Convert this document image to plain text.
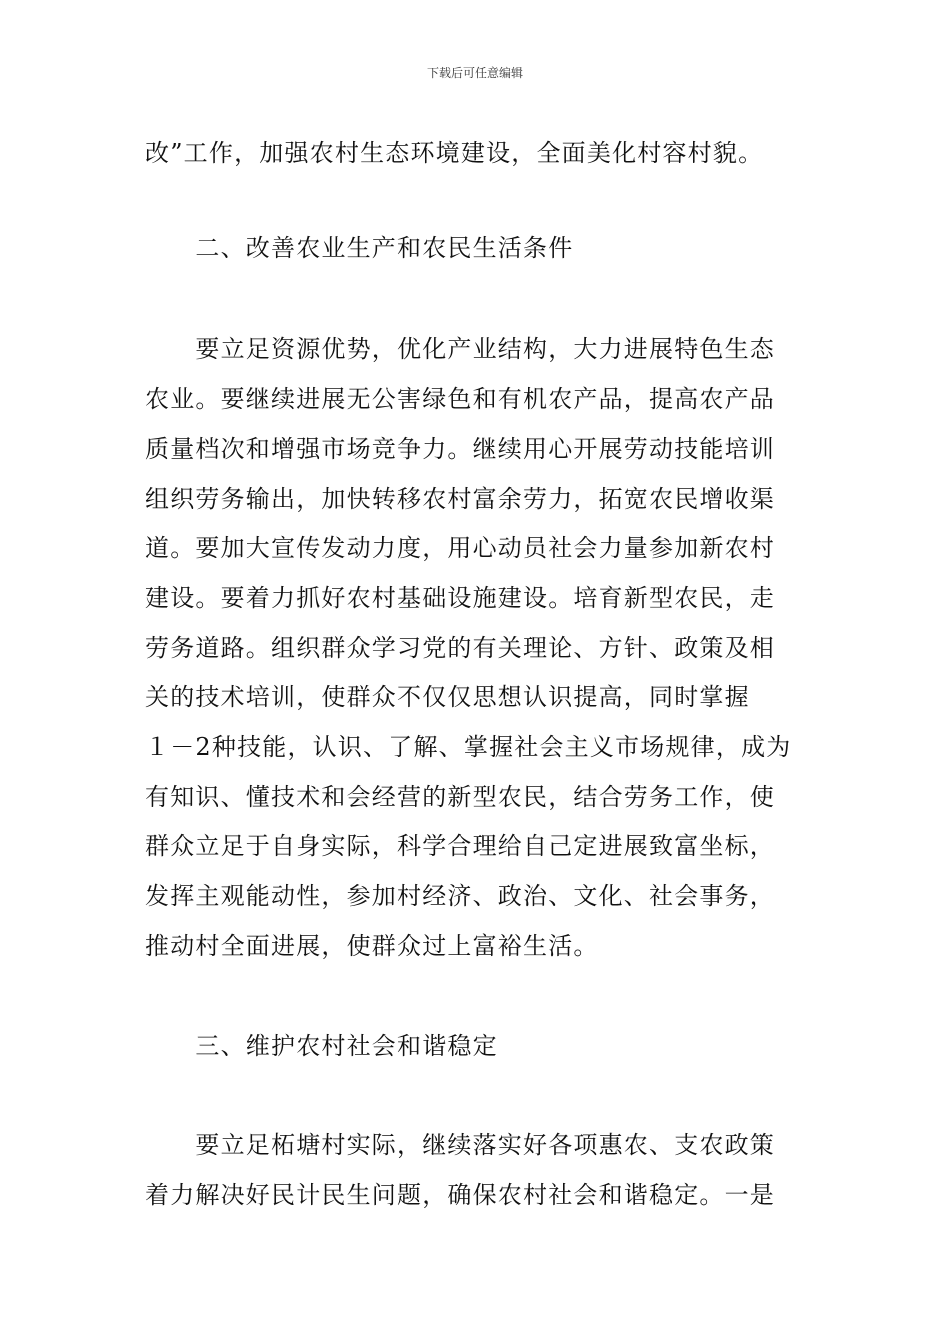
下载后可任意编辑
改”工作，加强农村生态环境建设，全面美化村容村貌。
　　二、改善农业生产和农民生活条件
　　要立足资源优势，优化产业结构，大力进展特色生态
农业。要继续进展无公害绿色和有机农产品，提高农产品
质量档次和增强市场竞争力。继续用心开展劳动技能培训
组织劳务输出，加快转移农村富余劳力，拓宽农民增收渠
道。要加大宣传发动力度，用心动员社会力量参加新农村
建设。要着力抓好农村基础设施建设。培育新型农民，走
劳务道路。组织群众学习党的有关理论、方针、政策及相
关的技术培训，使群众不仅仅思想认识提高，同时掌握
１－2种技能，认识、了解、掌握社会主义市场规律，成为
有知识、懂技术和会经营的新型农民，结合劳务工作，使
群众立足于自身实际，科学合理给自己定进展致富坐标，
发挥主观能动性，参加村经济、政治、文化、社会事务，
推动村全面进展，使群众过上富裕生活。
　　三、维护农村社会和谐稳定
　　要立足柘塘村实际，继续落实好各项惠农、支农政策
着力解决好民计民生问题，确保农村社会和谐稳定。一是
